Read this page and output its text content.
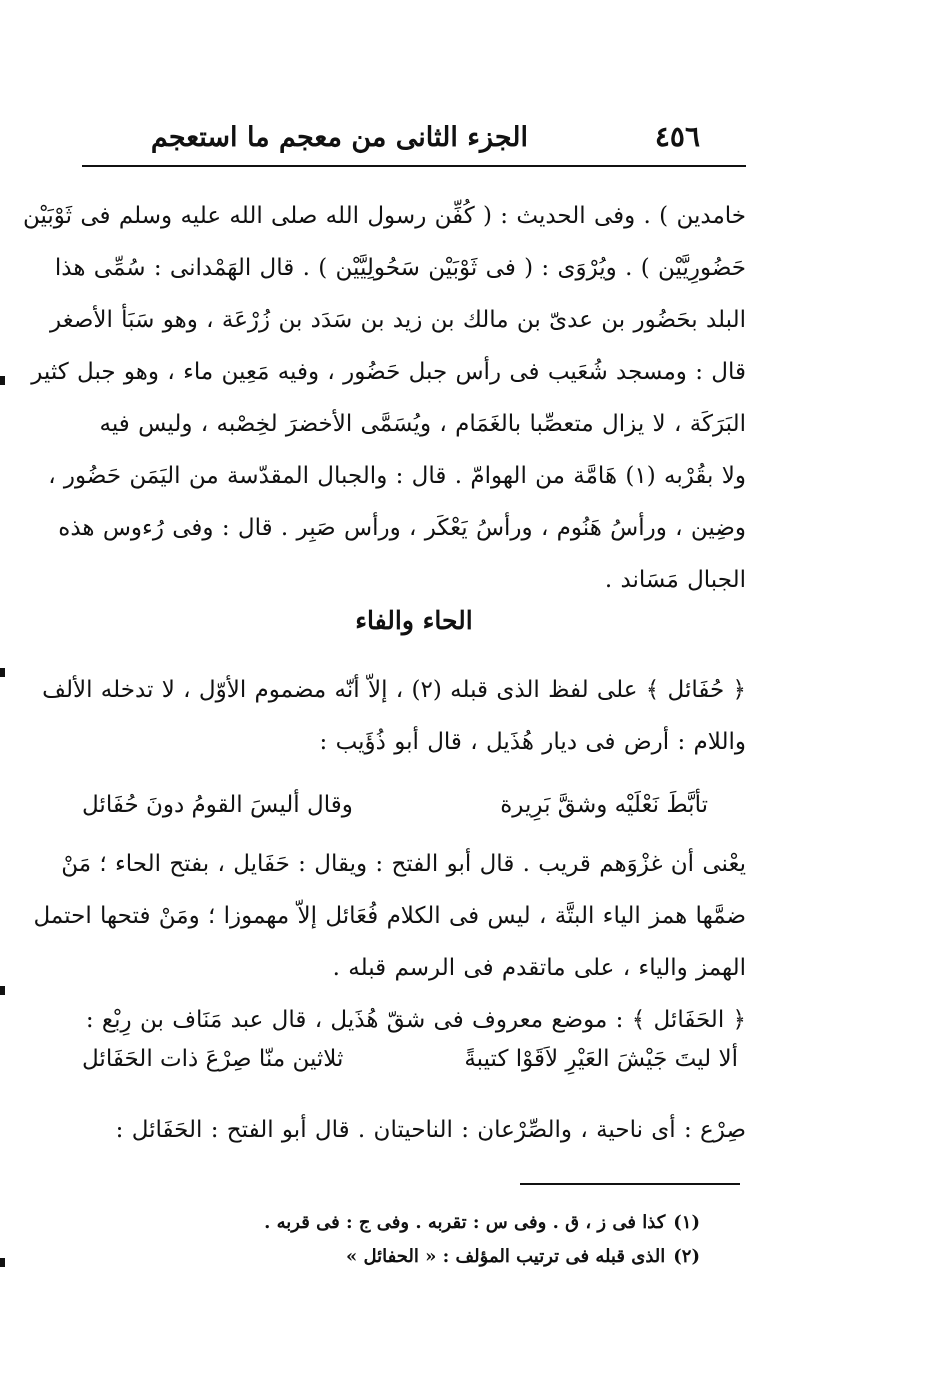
٤٥٦
الجزء الثانى من معجم ما استعجم
خامدين ) . وفى الحديث : ( كُفِّن رسول الله صلى الله عليه وسلم فى ثَوْبَيْن
حَضُورِيَّيْن ) . ويُرْوَى : ( فى ثَوْبَيْن سَحُولِيَّيْن ) . قال الهَمْدانى : سُمِّى هذا
البلد بحَضُور بن عدىّ بن مالك بن زيد بن سَدَد بن زُرْعَة ، وهو سَبَأ الأصغر
قال : ومسجد شُعَيب فى رأس جبل حَضُور ، وفيه مَعِين ماء ، وهو جبل كثير
البَرَكَة ، لا يزال متعصِّبا بالغَمَام ، ويُسَمَّى الأخضرَ لخِصْبه ، وليس فيه
ولا بقُرْبه (١) هَامَّة من الهوامّ . قال : والجبال المقدّسة من اليَمَن حَضُور ،
وضِين ، ورأسُ هَنُوم ، ورأسُ يَعْكَر ، ورأس صَبِر . قال : وفى رُءوس هذه
الجبال مَسَاند .
الحاء والفاء
﴿ حُفَائل ﴾ على لفظ الذى قبله (٢) ، إلاّ أنّه مضموم الأوّل ، لا تدخله الألف
واللام : أرض فى ديار هُذَيل ، قال أبو ذُؤَيب :
تأبَّطَ نَعْلَيْه وشقَّ بَرِيرة
وقال أليسَ القومُ دونَ حُفَائل
يعْنى أن غزْوَهم قريب . قال أبو الفتح : ويقال : حَفَايل ، بفتح الحاء ؛ مَنْ
ضمَّها همز الياء البتَّة ، ليس فى الكلام فُعَائل إلاّ مهموزا ؛ ومَنْ فتحها احتمل
الهمز والياء ، على ماتقدم فى الرسم قبله .
﴿ الحَفَائل ﴾ : موضع معروف فى شقّ هُذَيل ، قال عبد مَنَاف بن رِبْع :
ألا ليتَ جَيْشَ العَيْرِ لاَقَوْا كتيبةً
ثلاثين منّا صِرْعَ ذات الحَفَائل
صِرْع : أى ناحية ، والصِّرْعان : الناحيتان . قال أبو الفتح : الحَفَائل :
(١)كذا فى ز ، ق . وفى س : تقربه . وفى ج : فى قربه .
(٢)الذى قبله فى ترتيب المؤلف : « الحفائل »
